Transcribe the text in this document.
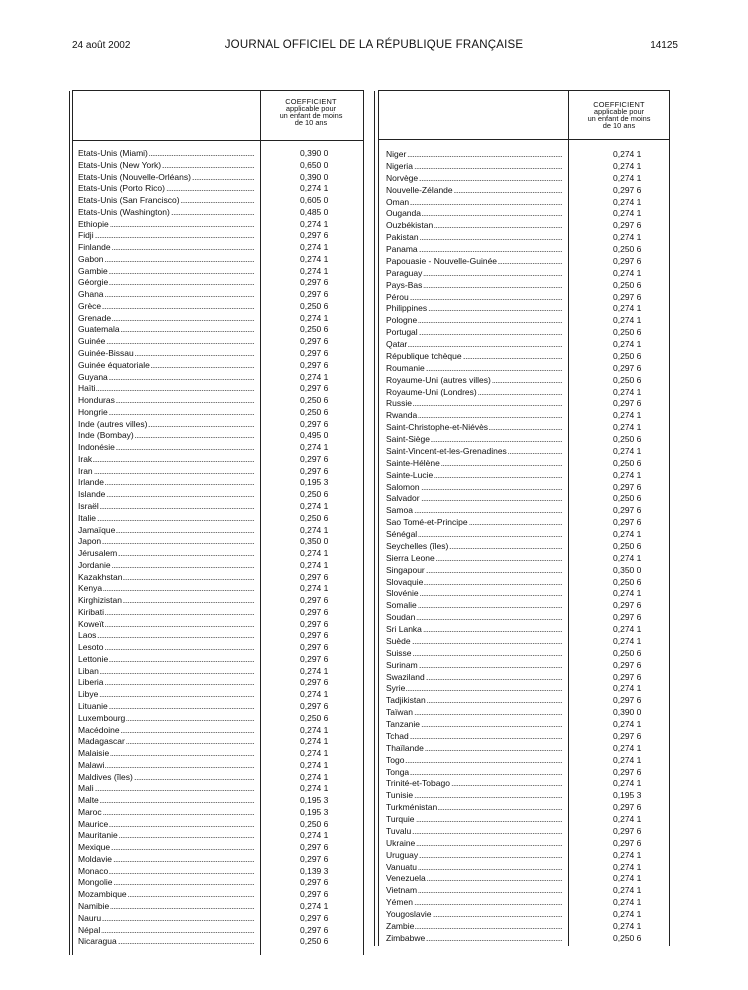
24 août 2002	JOURNAL OFFICIEL DE LA RÉPUBLIQUE FRANÇAISE	14125
COEFFICIENT
applicable pour
un enfant de moins
de 10 ans
Etats-Unis (Miami) .....	0,390 0
Etats-Unis (New York) .....	0,650 0
Etats-Unis (Nouvelle-Orléans) .....	0,390 0
Etats-Unis (Porto Rico) .....	0,274 1
Etats-Unis (San Francisco) .....	0,605 0
Etats-Unis (Washington) .....	0,485 0
Ethiopie .....	0,274 1
Fidji .....	0,297 6
Finlande .....	0,274 1
Gabon .....	0,274 1
Gambie .....	0,274 1
Géorgie .....	0,297 6
Ghana .....	0,297 6
Grèce .....	0,250 6
Grenade .....	0,274 1
Guatemala .....	0,250 6
Guinée .....	0,297 6
Guinée-Bissau .....	0,297 6
Guinée équatoriale .....	0,297 6
Guyana .....	0,274 1
Haïti .....	0,297 6
Honduras .....	0,250 6
Hongrie .....	0,250 6
Inde (autres villes) .....	0,297 6
Inde (Bombay) .....	0,495 0
Indonésie .....	0,274 1
Irak .....	0,297 6
Iran .....	0,297 6
Irlande .....	0,195 3
Islande .....	0,250 6
Israël .....	0,274 1
Italie .....	0,250 6
Jamaïque .....	0,274 1
Japon .....	0,350 0
Jérusalem .....	0,274 1
Jordanie .....	0,274 1
Kazakhstan .....	0,297 6
Kenya .....	0,274 1
Kirghizistan .....	0,297 6
Kiribati .....	0,297 6
Koweït .....	0,297 6
Laos .....	0,297 6
Lesoto .....	0,297 6
Lettonie .....	0,297 6
Liban .....	0,274 1
Liberia .....	0,297 6
Libye .....	0,274 1
Lituanie .....	0,297 6
Luxembourg .....	0,250 6
Macédoine .....	0,274 1
Madagascar .....	0,274 1
Malaisie .....	0,274 1
Malawi .....	0,274 1
Maldives (îles) .....	0,274 1
Mali .....	0,274 1
Malte .....	0,195 3
Maroc .....	0,195 3
Maurice .....	0,250 6
Mauritanie .....	0,274 1
Mexique .....	0,297 6
Moldavie .....	0,297 6
Monaco .....	0,139 3
Mongolie .....	0,297 6
Mozambique .....	0,297 6
Namibie .....	0,274 1
Nauru .....	0,297 6
Népal .....	0,297 6
Nicaragua .....	0,250 6
COEFFICIENT
applicable pour
un enfant de moins
de 10 ans
Niger .....	0,274 1
Nigeria .....	0,274 1
Norvège .....	0,274 1
Nouvelle-Zélande .....	0,297 6
Oman .....	0,274 1
Ouganda .....	0,274 1
Ouzbékistan .....	0,297 6
Pakistan .....	0,274 1
Panama .....	0,250 6
Papouasie - Nouvelle-Guinée .....	0,297 6
Paraguay .....	0,274 1
Pays-Bas .....	0,250 6
Pérou .....	0,297 6
Philippines .....	0,274 1
Pologne .....	0,274 1
Portugal .....	0,250 6
Qatar .....	0,274 1
République tchèque .....	0,250 6
Roumanie .....	0,297 6
Royaume-Uni (autres villes) .....	0,250 6
Royaume-Uni (Londres) .....	0,274 1
Russie .....	0,297 6
Rwanda .....	0,274 1
Saint-Christophe-et-Niévès .....	0,274 1
Saint-Siège .....	0,250 6
Saint-Vincent-et-les-Grenadines .....	0,274 1
Sainte-Hélène .....	0,250 6
Sainte-Lucie .....	0,274 1
Salomon .....	0,297 6
Salvador .....	0,250 6
Samoa .....	0,297 6
Sao Tomé-et-Principe .....	0,297 6
Sénégal .....	0,274 1
Seychelles (îles) .....	0,250 6
Sierra Leone .....	0,274 1
Singapour .....	0,350 0
Slovaquie .....	0,250 6
Slovénie .....	0,274 1
Somalie .....	0,297 6
Soudan .....	0,297 6
Sri Lanka .....	0,274 1
Suède .....	0,274 1
Suisse .....	0,250 6
Surinam .....	0,297 6
Swaziland .....	0,297 6
Syrie .....	0,274 1
Tadjikistan .....	0,297 6
Taïwan .....	0,390 0
Tanzanie .....	0,274 1
Tchad .....	0,297 6
Thaïlande .....	0,274 1
Togo .....	0,274 1
Tonga .....	0,297 6
Trinité-et-Tobago .....	0,274 1
Tunisie .....	0,195 3
Turkménistan .....	0,297 6
Turquie .....	0,274 1
Tuvalu .....	0,297 6
Ukraine .....	0,297 6
Uruguay .....	0,274 1
Vanuatu .....	0,274 1
Venezuela .....	0,274 1
Vietnam .....	0,274 1
Yémen .....	0,274 1
Yougoslavie .....	0,274 1
Zambie .....	0,274 1
Zimbabwe .....	0,250 6
